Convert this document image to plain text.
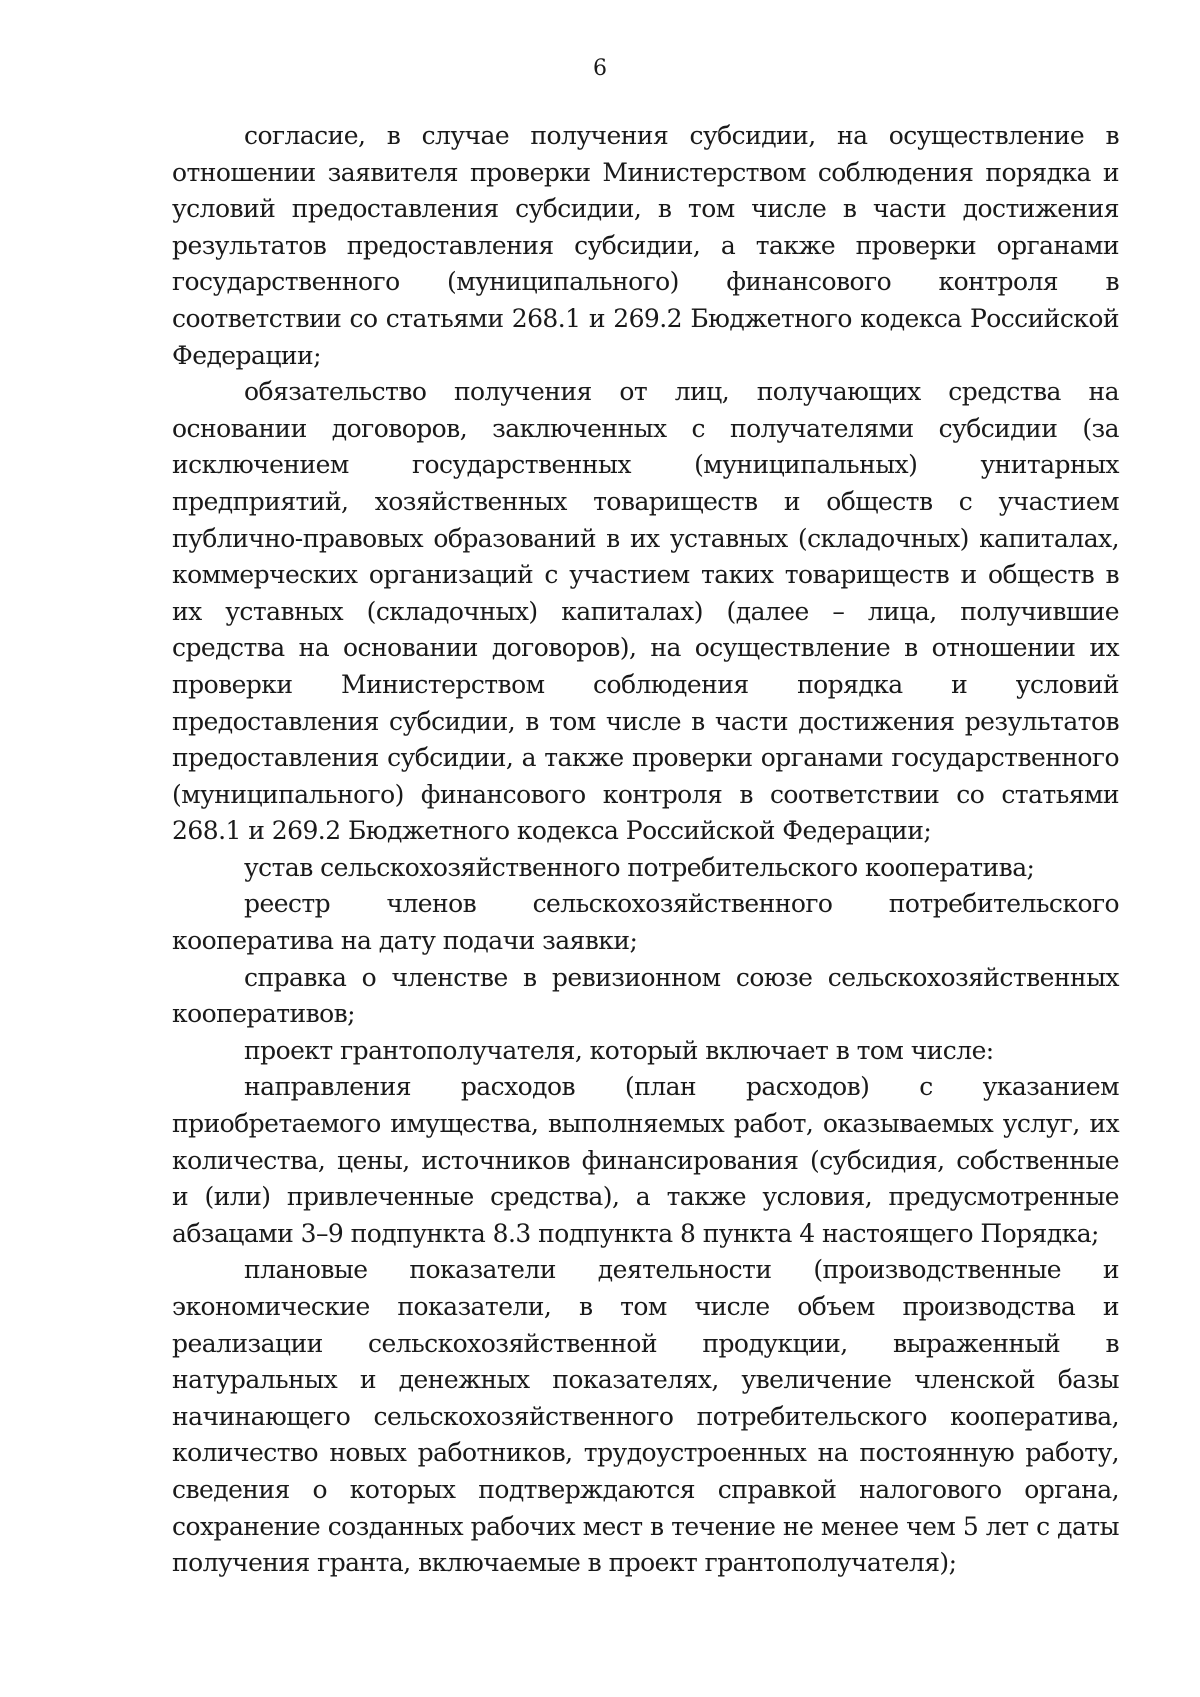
6

согласие, в случае получения субсидии, на осуществление в отношении заявителя проверки Министерством соблюдения порядка и условий предоставления субсидии, в том числе в части достижения результатов предоставления субсидии, а также проверки органами государственного (муниципального) финансового контроля в соответствии со статьями 268.1 и 269.2 Бюджетного кодекса Российской Федерации;

обязательство получения от лиц, получающих средства на основании договоров, заключенных с получателями субсидии (за исключением государственных (муниципальных) унитарных предприятий, хозяйственных товариществ и обществ с участием публично-правовых образований в их уставных (складочных) капиталах, коммерческих организаций с участием таких товариществ и обществ в их уставных (складочных) капиталах) (далее – лица, получившие средства на основании договоров), на осуществление в отношении их проверки Министерством соблюдения порядка и условий предоставления субсидии, в том числе в части достижения результатов предоставления субсидии, а также проверки органами государственного (муниципального) финансового контроля в соответствии со статьями 268.1 и 269.2 Бюджетного кодекса Российской Федерации;

устав сельскохозяйственного потребительского кооператива;

реестр членов сельскохозяйственного потребительского кооператива на дату подачи заявки;

справка о членстве в ревизионном союзе сельскохозяйственных кооперативов;

проект грантополучателя, который включает в том числе:

направления расходов (план расходов) с указанием приобретаемого имущества, выполняемых работ, оказываемых услуг, их количества, цены, источников финансирования (субсидия, собственные и (или) привлеченные средства), а также условия, предусмотренные абзацами 3–9 подпункта 8.3 подпункта 8 пункта 4 настоящего Порядка;

плановые показатели деятельности (производственные и экономические показатели, в том числе объем производства и реализации сельскохозяйственной продукции, выраженный в натуральных и денежных показателях, увеличение членской базы начинающего сельскохозяйственного потребительского кооператива, количество новых работников, трудоустроенных на постоянную работу, сведения о которых подтверждаются справкой налогового органа, сохранение созданных рабочих мест в течение не менее чем 5 лет с даты получения гранта, включаемые в проект грантополучателя);
